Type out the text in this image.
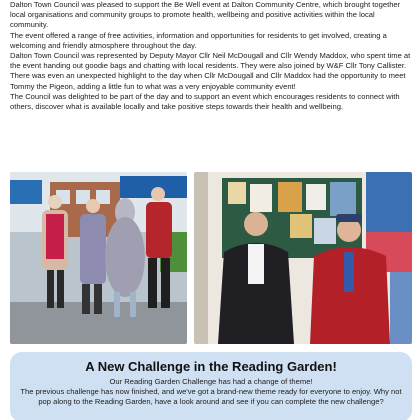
Dalton Town Council was pleased to support the Be Well event at Dalton Community Centre, which brought together local organisations and community groups to promote health, wellbeing and positive activities within the local community.

The event offered a range of free activities, information and opportunities for residents to get involved, creating a welcoming and friendly atmosphere throughout the day.

Dalton Town Council was represented by Deputy Mayor Cllr Neil McDougall and Cllr Wendy Maddox, who spent time at the event handing out goodie bags and chatting with local residents. They were also joined by W&F Cllr Tony Callister.

There was even an unexpected highlight to the day when Cllr McDougall and Cllr Maddox had the opportunity to meet Tommy the Pigeon, adding a little fun to what was a very enjoyable community event!

The Council was delighted to be part of the day and to support an event which encourages residents to connect with others, discover what is available locally and take positive steps towards their health and wellbeing.

A New Challenge in the Reading Garden!
Our Reading Garden Challenge has had a change of theme!
The previous challenge has now finished, and we've got a brand-new theme ready for everyone to enjoy. Why not pop along to the Reading Garden, have a look around and see if you can complete the new challenge?
